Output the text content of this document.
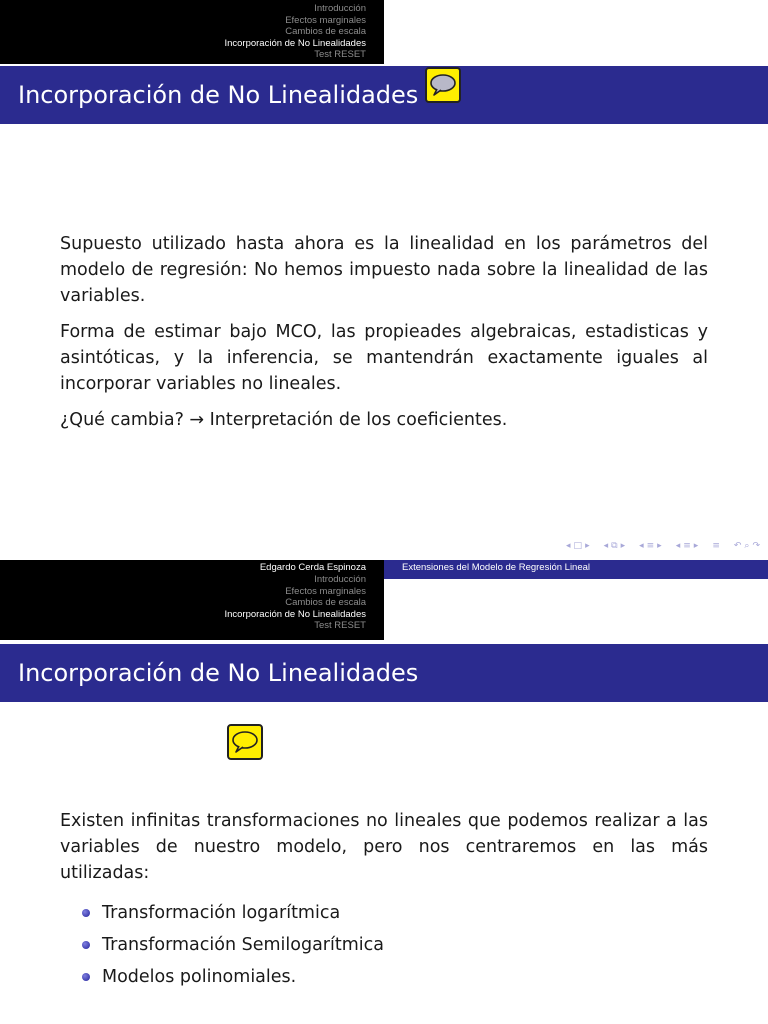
Introducción
Efectos marginales
Cambios de escala
Incorporación de No Linealidades
Test RESET
Incorporación de No Linealidades

Supuesto utilizado hasta ahora es la linealidad en los parámetros del modelo de regresión: No hemos impuesto nada sobre la linealidad de las variables.

Forma de estimar bajo MCO, las propieades algebraicas, estadisticas y asintóticas, y la inferencia, se mantendrán exactamente iguales al incorporar variables no lineales.

¿Qué cambia? → Interpretación de los coeficientes.

◂ □ ▸ ◂ ⧉ ▸ ◂ ≡ ▸ ◂ ≡ ▸ ≡ ↶ ⌕ ↷
Edgardo Cerda Espinoza
Introducción
Efectos marginales
Cambios de escala
Incorporación de No Linealidades
Test RESET
Extensiones del Modelo de Regresión Lineal
Incorporación de No Linealidades

Existen infinitas transformaciones no lineales que podemos realizar a las variables de nuestro modelo, pero nos centraremos en las más utilizadas:

Transformación logarítmica
Transformación Semilogarítmica
Modelos polinomiales.
